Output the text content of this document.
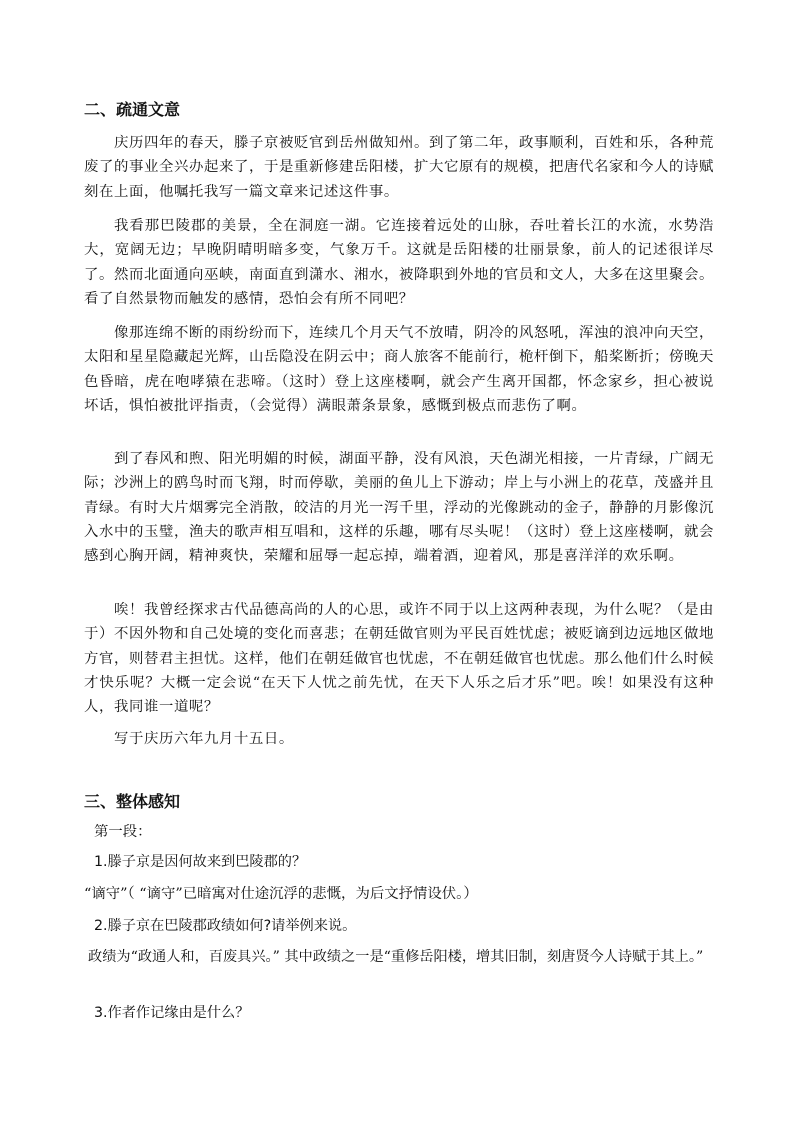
二、疏通文意

庆历四年的春天，滕子京被贬官到岳州做知州。到了第二年，政事顺利，百姓和乐，各种荒废了的事业全兴办起来了，于是重新修建岳阳楼，扩大它原有的规模，把唐代名家和今人的诗赋刻在上面，他嘱托我写一篇文章来记述这件事。

我看那巴陵郡的美景，全在洞庭一湖。它连接着远处的山脉，吞吐着长江的水流，水势浩大，宽阔无边；早晚阴晴明暗多变，气象万千。这就是岳阳楼的壮丽景象，前人的记述很详尽了。然而北面通向巫峡，南面直到潇水、湘水，被降职到外地的官员和文人，大多在这里聚会。看了自然景物而触发的感情，恐怕会有所不同吧？

像那连绵不断的雨纷纷而下，连续几个月天气不放晴，阴冷的风怒吼，浑浊的浪冲向天空，太阳和星星隐藏起光辉，山岳隐没在阴云中；商人旅客不能前行，桅杆倒下，船桨断折；傍晚天色昏暗，虎在咆哮猿在悲啼。（这时）登上这座楼啊，就会产生离开国都，怀念家乡，担心被说坏话，惧怕被批评指责，（会觉得）满眼萧条景象，感慨到极点而悲伤了啊。

到了春风和煦、阳光明媚的时候，湖面平静，没有风浪，天色湖光相接，一片青绿，广阔无际；沙洲上的鸥鸟时而飞翔，时而停歇，美丽的鱼儿上下游动；岸上与小洲上的花草，茂盛并且青绿。有时大片烟雾完全消散，皎洁的月光一泻千里，浮动的光像跳动的金子，静静的月影像沉入水中的玉璧，渔夫的歌声相互唱和，这样的乐趣，哪有尽头呢！（这时）登上这座楼啊，就会感到心胸开阔，精神爽快，荣耀和屈辱一起忘掉，端着酒，迎着风，那是喜洋洋的欢乐啊。

唉！我曾经探求古代品德高尚的人的心思，或许不同于以上这两种表现，为什么呢？（是由于）不因外物和自己处境的变化而喜悲；在朝廷做官则为平民百姓忧虑；被贬谪到边远地区做地方官，则替君主担忧。这样，他们在朝廷做官也忧虑，不在朝廷做官也忧虑。那么他们什么时候才快乐呢？大概一定会说“在天下人忧之前先忧，在天下人乐之后才乐”吧。唉！如果没有这种人，我同谁一道呢？

写于庆历六年九月十五日。

三、整体感知

第一段：

1.滕子京是因何故来到巴陵郡的？

“谪守”（ “谪守”已暗寓对仕途沉浮的悲慨，为后文抒情设伏。）

2.滕子京在巴陵郡政绩如何?请举例来说。

政绩为“政通人和，百废具兴。” 其中政绩之一是“重修岳阳楼，增其旧制，刻唐贤今人诗赋于其上。”

3.作者作记缘由是什么？
